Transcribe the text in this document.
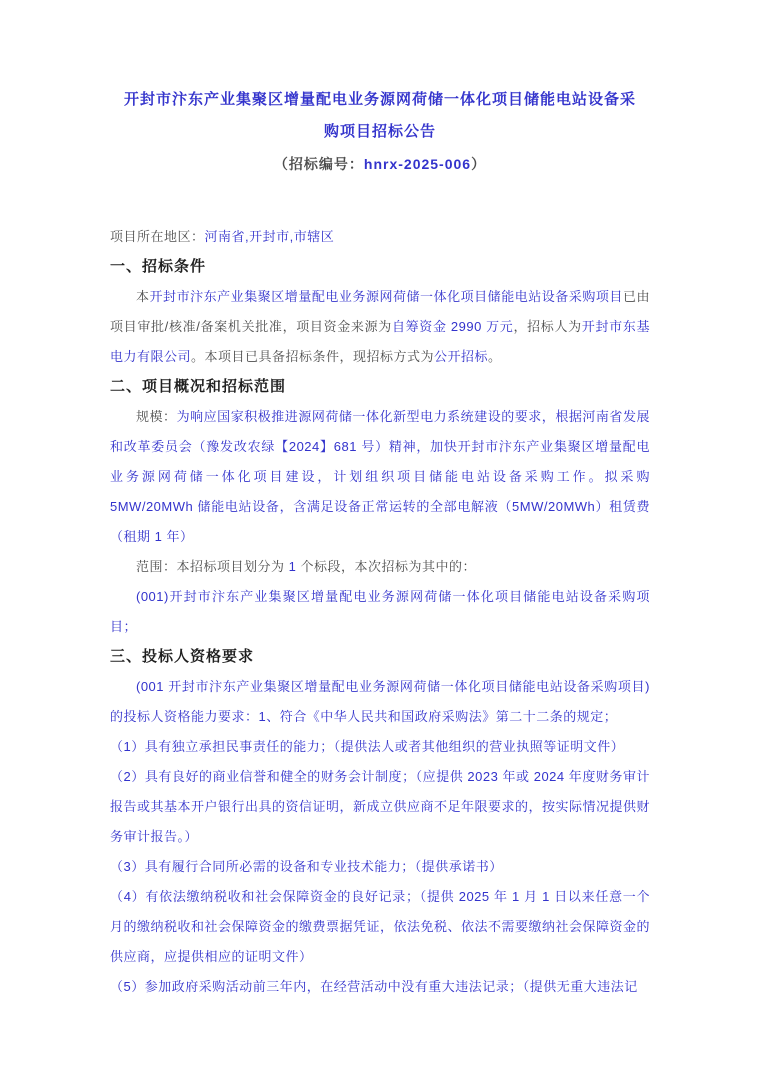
开封市汴东产业集聚区增量配电业务源网荷储一体化项目储能电站设备采购项目招标公告
（招标编号：hnrx-2025-006）

项目所在地区：河南省,开封市,市辖区

一、招标条件

本开封市汴东产业集聚区增量配电业务源网荷储一体化项目储能电站设备采购项目已由项目审批/核准/备案机关批准，项目资金来源为自筹资金 2990 万元，招标人为开封市东基电力有限公司。本项目已具备招标条件，现招标方式为公开招标。

二、项目概况和招标范围

规模：为响应国家积极推进源网荷储一体化新型电力系统建设的要求，根据河南省发展和改革委员会（豫发改农绿【2024】681 号）精神，加快开封市汴东产业集聚区增量配电业务源网荷储一体化项目建设，计划组织项目储能电站设备采购工作。拟采购 5MW/20MWh 储能电站设备，含满足设备正常运转的全部电解液（5MW/20MWh）租赁费（租期 1 年）

范围：本招标项目划分为 1 个标段，本次招标为其中的：

(001)开封市汴东产业集聚区增量配电业务源网荷储一体化项目储能电站设备采购项目；

三、投标人资格要求

(001 开封市汴东产业集聚区增量配电业务源网荷储一体化项目储能电站设备采购项目)的投标人资格能力要求：1、符合《中华人民共和国政府采购法》第二十二条的规定；

（1）具有独立承担民事责任的能力；（提供法人或者其他组织的营业执照等证明文件）

（2）具有良好的商业信誉和健全的财务会计制度；（应提供 2023 年或 2024 年度财务审计报告或其基本开户银行出具的资信证明，新成立供应商不足年限要求的，按实际情况提供财务审计报告。）

（3）具有履行合同所必需的设备和专业技术能力；（提供承诺书）

（4）有依法缴纳税收和社会保障资金的良好记录；（提供 2025 年 1 月 1 日以来任意一个月的缴纳税收和社会保障资金的缴费票据凭证，依法免税、依法不需要缴纳社会保障资金的供应商，应提供相应的证明文件）

（5）参加政府采购活动前三年内，在经营活动中没有重大违法记录；（提供无重大违法记
